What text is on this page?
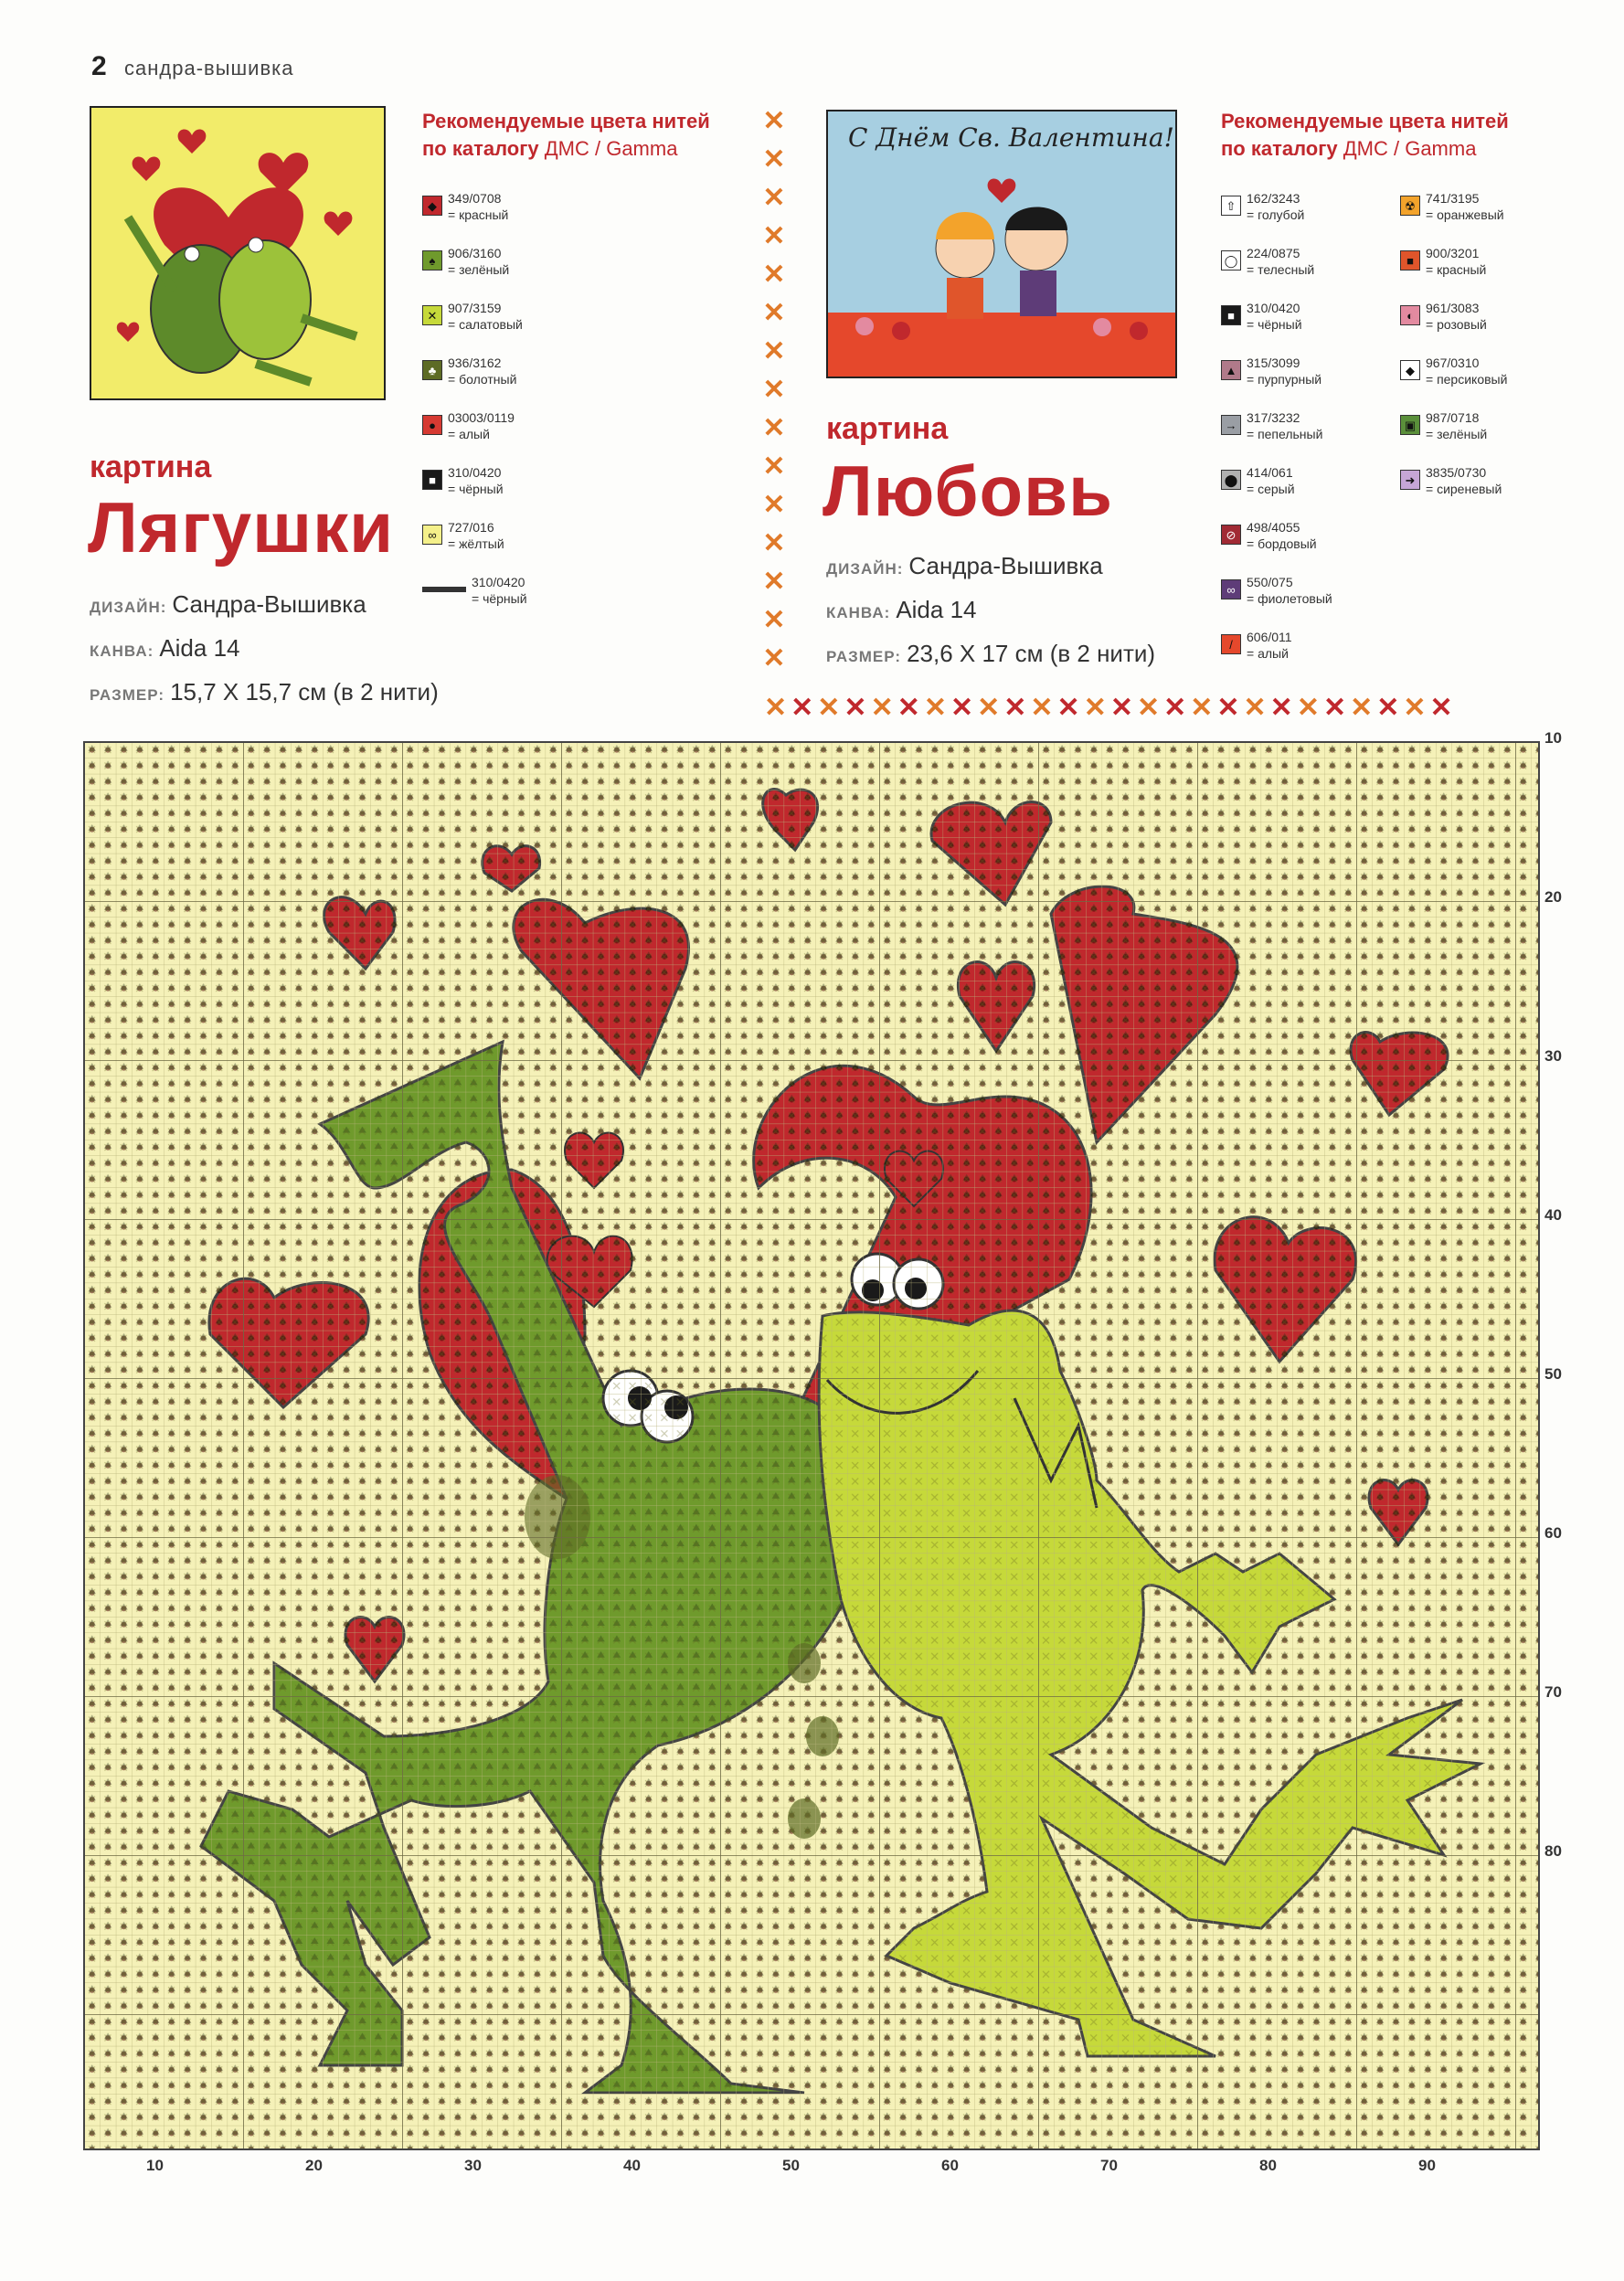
2 сандра-вышивка
Рекомендуемые цвета нитей
по каталогу ДМС / Gamma
◆ 349/0708
= красный
♠ 906/3160
= зелёный
✕ 907/3159
= салатовый
♣ 936/3162
= болотный
● 03003/0119
= алый
■ 310/0420
= чёрный
∞ 727/016
= жёлтый
310/0420
= чёрный
картина
Лягушки
ДИЗАЙН: Сандра-Вышивка
КАНВА: Aida 14
РАЗМЕР: 15,7 X 15,7 см (в 2 нити)
✕
✕
✕
✕
✕
✕
✕
✕
✕
✕
✕
✕
✕
✕
✕
✕✕✕✕✕✕✕✕✕✕✕✕✕✕✕✕✕✕✕✕✕✕✕✕✕✕
С Днём Св. Валентина!
Рекомендуемые цвета нитей
по каталогу ДМС / Gamma
⇧ 162/3243
= голубой
◯ 224/0875
= телесный
■ 310/0420
= чёрный
▲ 315/3099
= пурпурный
→ 317/3232
= пепельный
⬤ 414/061
= серый
⊘ 498/4055
= бордовый
∞ 550/075
= фиолетовый
/	606/011
= алый
☢ 741/3195
= оранжевый
■ 900/3201
= красный
◐ 961/3083
= розовый
◆ 967/0310
= персиковый
▣ 987/0718
= зелёный
➜ 3835/0730
= сиреневый
картина
Любовь
ДИЗАЙН: Сандра-Вышивка
КАНВА: Aida 14
РАЗМЕР: 23,6 X 17 см (в 2 нити)
10
20
30
40
50
60
70
80
10	20	30	40	50	60	70	80	90
